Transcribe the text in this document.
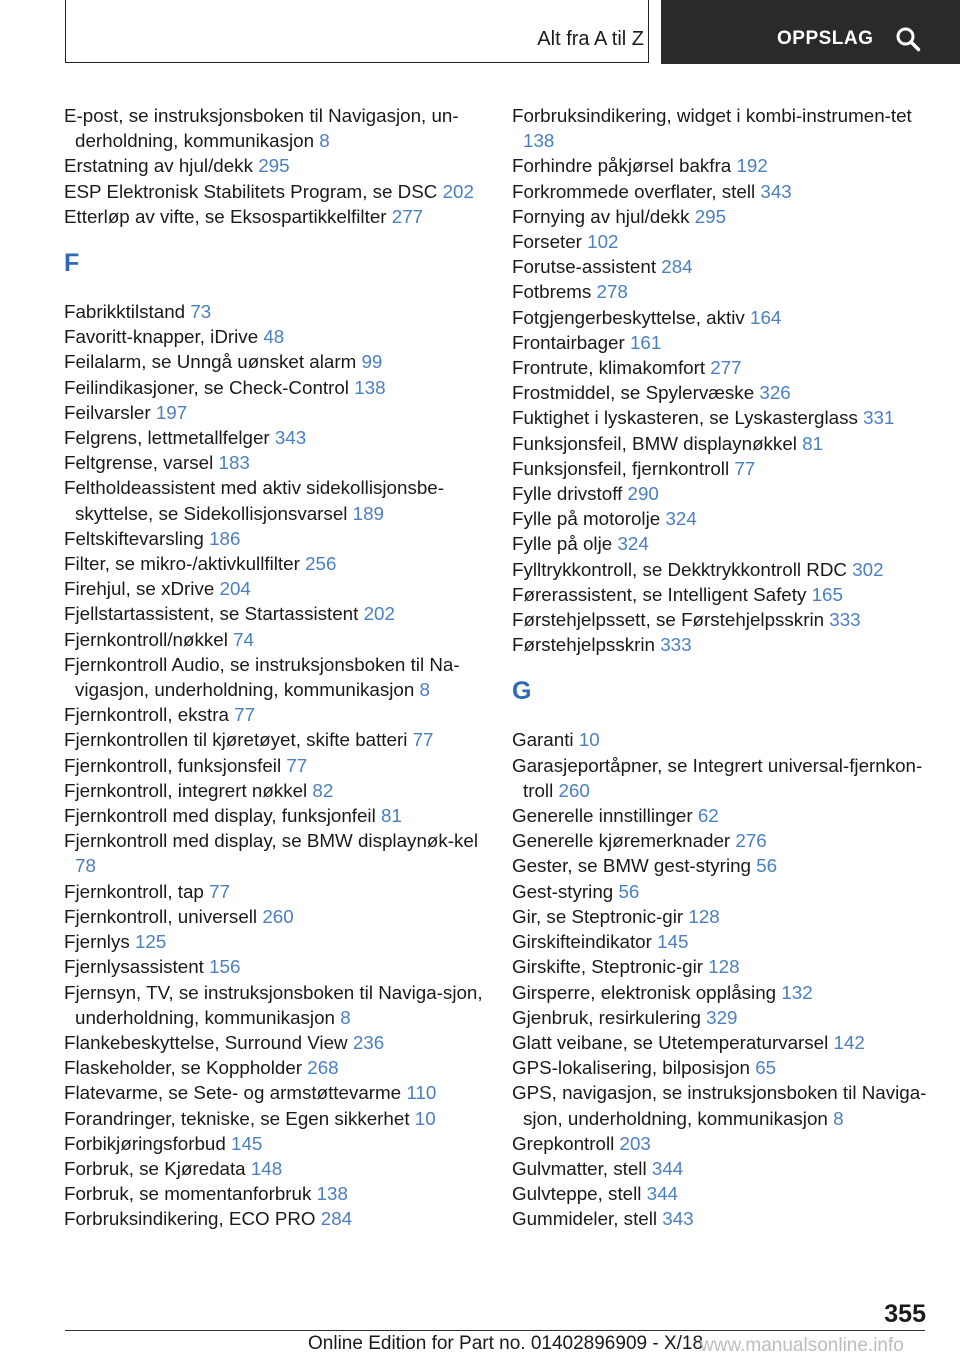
Alt fra A til Z	OPPSLAG
E-post, se instruksjonsboken til Navigasjon, un-derholdning, kommunikasjon 8
Erstatning av hjul/dekk 295
ESP Elektronisk Stabilitets Program, se DSC 202
Etterløp av vifte, se Eksospartikkelfilter 277
F
Fabrikktilstand 73
Favoritt-knapper, iDrive 48
Feilalarm, se Unngå uønsket alarm 99
Feilindikasjoner, se Check-Control 138
Feilvarsler 197
Felgrens, lettmetallfelger 343
Feltgrense, varsel 183
Feltholdeassistent med aktiv sidekollisjonsbe-skyttelse, se Sidekollisjonsvarsel 189
Feltskiftevarsling 186
Filter, se mikro-/aktivkullfilter 256
Firehjul, se xDrive 204
Fjellstartassistent, se Startassistent 202
Fjernkontroll/nøkkel 74
Fjernkontroll Audio, se instruksjonsboken til Na-vigasjon, underholdning, kommunikasjon 8
Fjernkontroll, ekstra 77
Fjernkontrollen til kjøretøyet, skifte batteri 77
Fjernkontroll, funksjonsfeil 77
Fjernkontroll, integrert nøkkel 82
Fjernkontroll med display, funksjonfeil 81
Fjernkontroll med display, se BMW displaynøk-kel 78
Fjernkontroll, tap 77
Fjernkontroll, universell 260
Fjernlys 125
Fjernlysassistent 156
Fjernsyn, TV, se instruksjonsboken til Naviga-sjon, underholdning, kommunikasjon 8
Flankebeskyttelse, Surround View 236
Flaskeholder, se Koppholder 268
Flatevarme, se Sete- og armstøttevarme 110
Forandringer, tekniske, se Egen sikkerhet 10
Forbikjøringsforbud 145
Forbruk, se Kjøredata 148
Forbruk, se momentanforbruk 138
Forbruksindikering, ECO PRO 284
Forbruksindikering, widget i kombi-instrumen-tet 138
Forhindre påkjørsel bakfra 192
Forkrommede overflater, stell 343
Fornying av hjul/dekk 295
Forseter 102
Forutse-assistent 284
Fotbrems 278
Fotgjengerbeskyttelse, aktiv 164
Frontairbager 161
Frontrute, klimakomfort 277
Frostmiddel, se Spylervæske 326
Fuktighet i lyskasteren, se Lyskasterglass 331
Funksjonsfeil, BMW displaynøkkel 81
Funksjonsfeil, fjernkontroll 77
Fylle drivstoff 290
Fylle på motorolje 324
Fylle på olje 324
Fylltrykkontroll, se Dekktrykkontroll RDC 302
Førerassistent, se Intelligent Safety 165
Førstehjelpssett, se Førstehjelpsskrin 333
Førstehjelpsskrin 333
G
Garanti 10
Garasjeportåpner, se Integrert universal-fjernkon-troll 260
Generelle innstillinger 62
Generelle kjøremerknader 276
Gester, se BMW gest-styring 56
Gest-styring 56
Gir, se Steptronic-gir 128
Girskifteindikator 145
Girskifte, Steptronic-gir 128
Girsperre, elektronisk opplåsing 132
Gjenbruk, resirkulering 329
Glatt veibane, se Utetemperaturvarsel 142
GPS-lokalisering, bilposisjon 65
GPS, navigasjon, se instruksjonsboken til Naviga-sjon, underholdning, kommunikasjon 8
Grepkontroll 203
Gulvmatter, stell 344
Gulvteppe, stell 344
Gummideler, stell 343
355
Online Edition for Part no. 01402896909 - X/18
www.manualsonline.info
